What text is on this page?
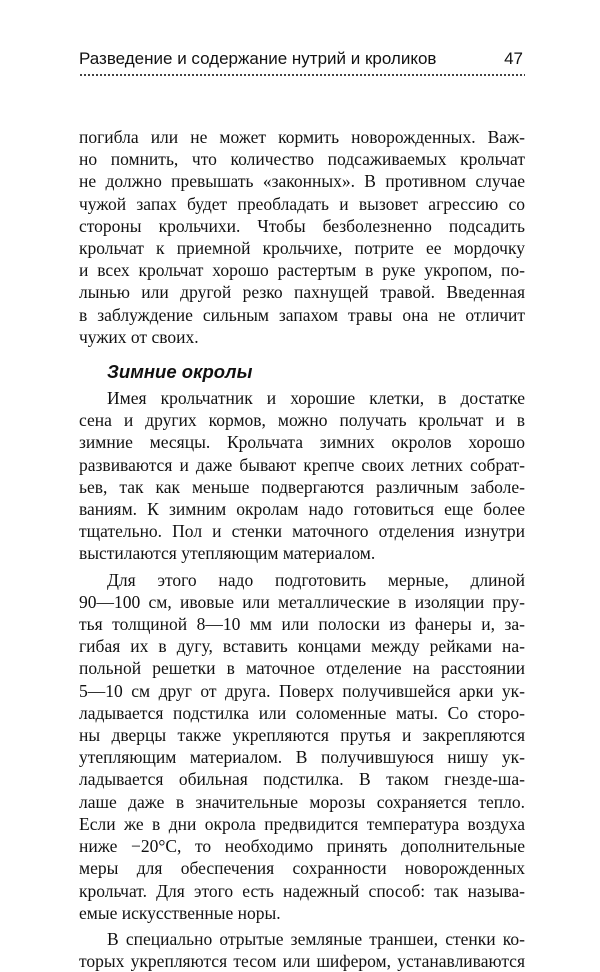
Разведение и содержание нутрий и кроликов	47

погибла или не может кормить новорожденных. Важ-

но помнить, что количество подсаживаемых крольчат

не должно превышать «законных». В противном случае

чужой запах будет преобладать и вызовет агрессию со

стороны крольчихи. Чтобы безболезненно подсадить

крольчат к приемной крольчихе, потрите ее мордочку

и всех крольчат хорошо растертым в руке укропом, по-

лынью или другой резко пахнущей травой. Введенная

в заблуждение сильным запахом травы она не отличит

чужих от своих.

Зимние окролы

Имея крольчатник и хорошие клетки, в достатке

сена и других кормов, можно получать крольчат и в

зимние месяцы. Крольчата зимних окролов хорошо

развиваются и даже бывают крепче своих летних собрат-

ьев, так как меньше подвергаются различным заболе-

ваниям. К зимним окролам надо готовиться еще более

тщательно. Пол и стенки маточного отделения изнутри

выстилаются утепляющим материалом.

Для этого надо подготовить мерные, длиной

90—100 см, ивовые или металлические в изоляции пру-

тья толщиной 8—10 мм или полоски из фанеры и, за-

гибая их в дугу, вставить концами между рейками на-

польной решетки в маточное отделение на расстоянии

5—10 см друг от друга. Поверх получившейся арки ук-

ладывается подстилка или соломенные маты. Со сторо-

ны дверцы также укрепляются прутья и закрепляются

утепляющим материалом. В получившуюся нишу ук-

ладывается обильная подстилка. В таком гнезде-ша-

лаше даже в значительные морозы сохраняется тепло.

Если же в дни окрола предвидится температура воздуха

ниже −20°С, то необходимо принять дополнительные

меры для обеспечения сохранности новорожденных

крольчат. Для этого есть надежный способ: так называ-

емые искусственные норы.

В специально отрытые земляные траншеи, стенки ко-

торых укрепляются тесом или шифером, устанавливаются
